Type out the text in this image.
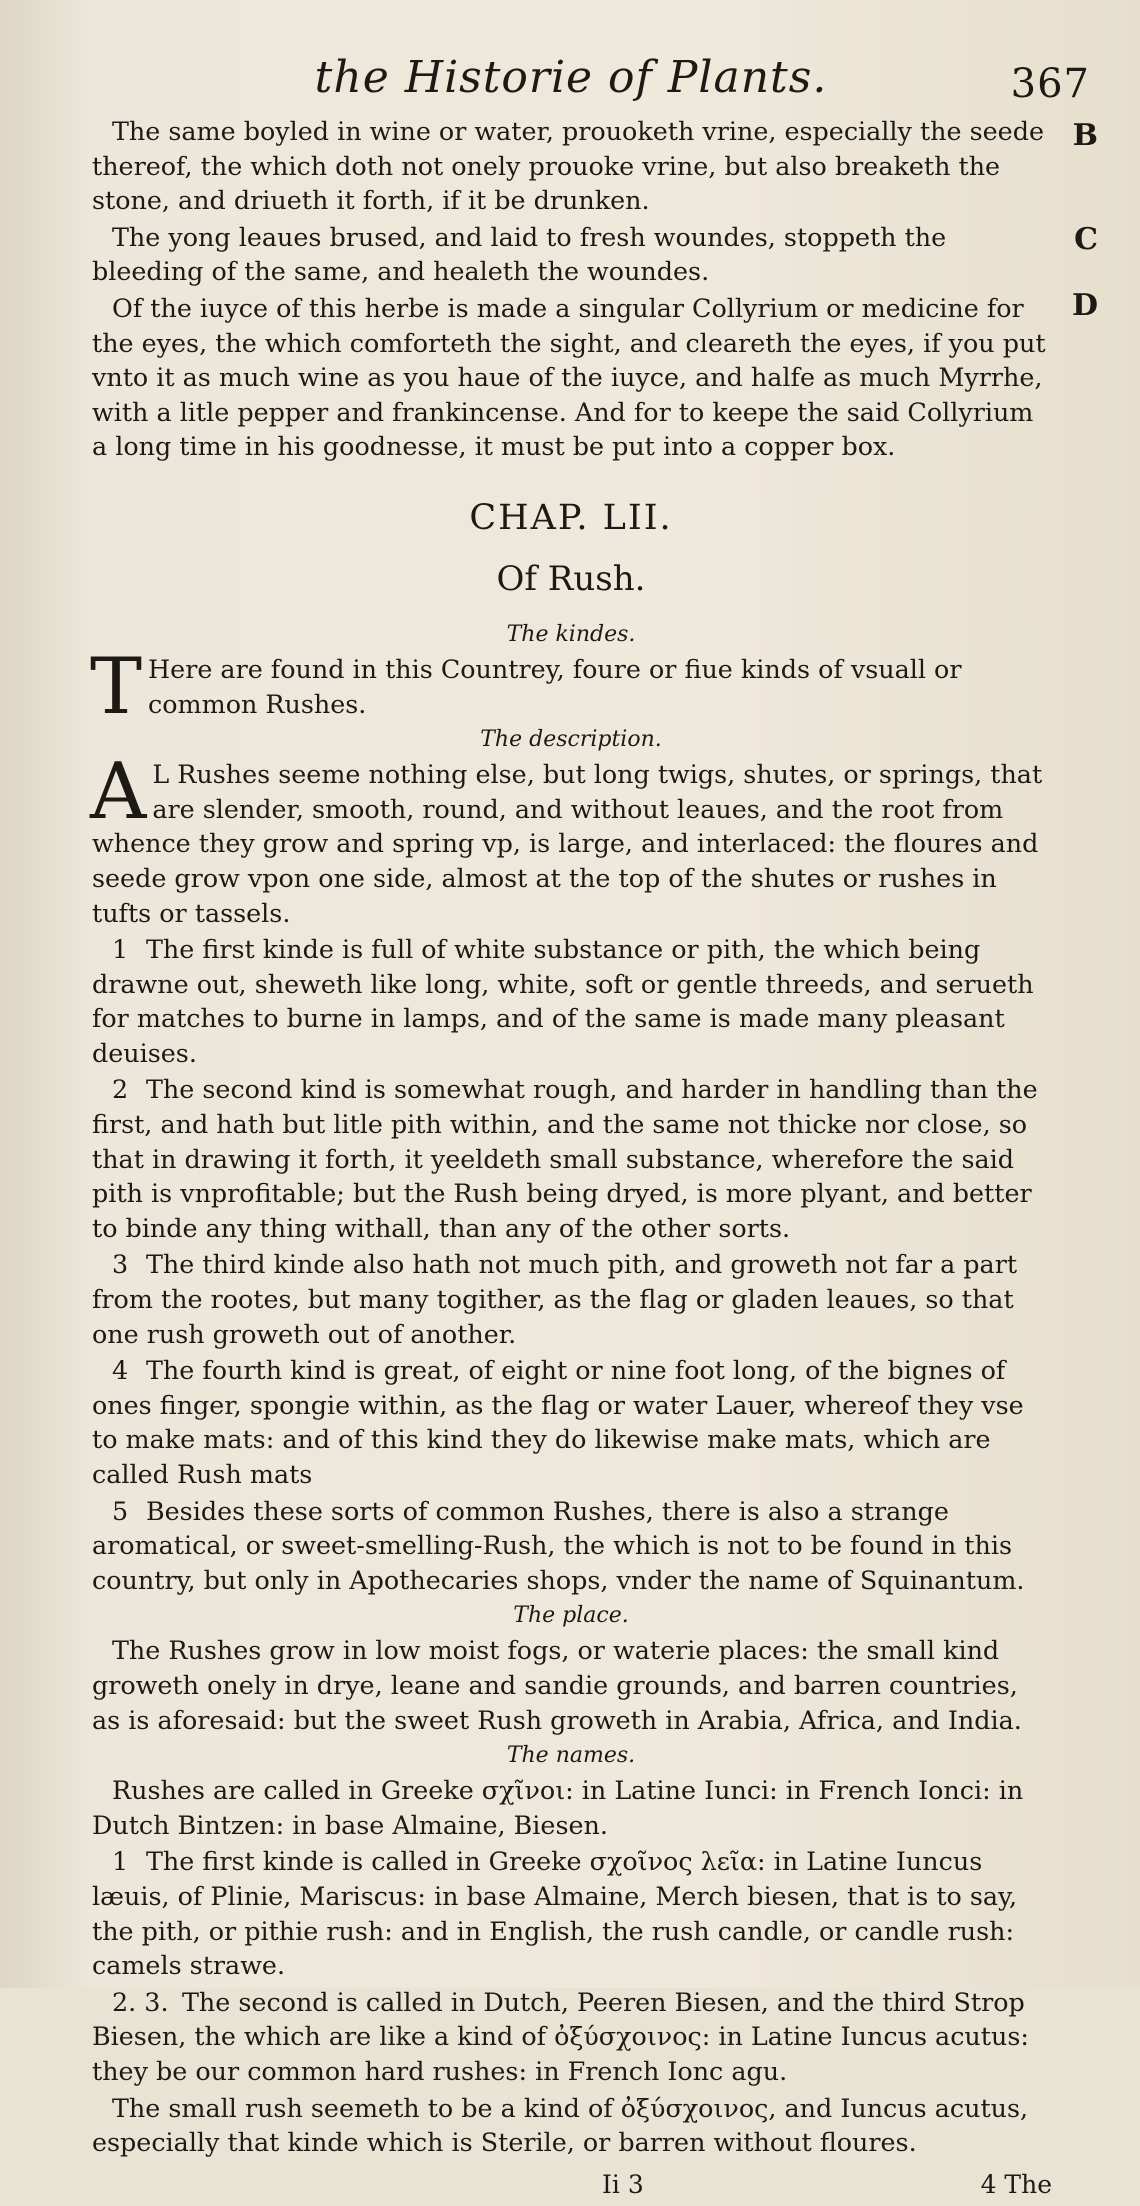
the Historie of Plants.	367
B
C
D

The same boyled in wine or water, prouoketh vrine, especially the seede thereof, the which doth not onely prouoke vrine, but also breaketh the stone, and driueth it forth, if it be drunken.

The yong leaues brused, and laid to fresh woundes, stoppeth the bleeding of the same, and healeth the woundes.

Of the iuyce of this herbe is made a singular Collyrium or medicine for the eyes, the which comforteth the sight, and cleareth the eyes, if you put vnto it as much wine as you haue of the iuyce, and halfe as much Myrrhe, with a litle pepper and frankincense. And for to keepe the said Collyrium a long time in his goodnesse, it must be put into a copper box.

CHAP. LII.
Of Rush.
The kindes.

T Here are found in this Countrey, foure or fiue kinds of vsuall or common Rushes.

The description.

A L Rushes seeme nothing else, but long twigs, shutes, or springs, that are slender, smooth, round, and without leaues, and the root from whence they grow and spring vp, is large, and interlaced: the floures and seede grow vpon one side, almost at the top of the shutes or rushes in tufts or tassels.

1 The first kinde is full of white substance or pith, the which being drawne out, sheweth like long, white, soft or gentle threeds, and serueth for matches to burne in lamps, and of the same is made many pleasant deuises.

2 The second kind is somewhat rough, and harder in handling than the first, and hath but litle pith within, and the same not thicke nor close, so that in drawing it forth, it yeeldeth small substance, wherefore the said pith is vnprofitable; but the Rush being dryed, is more plyant, and better to binde any thing withall, than any of the other sorts.

3 The third kinde also hath not much pith, and groweth not far a part from the rootes, but many togither, as the flag or gladen leaues, so that one rush groweth out of another.

4 The fourth kind is great, of eight or nine foot long, of the bignes of ones finger, spongie within, as the flag or water Lauer, whereof they vse to make mats: and of this kind they do likewise make mats, which are called Rush mats

5 Besides these sorts of common Rushes, there is also a strange aromatical, or sweet-smelling-Rush, the which is not to be found in this country, but only in Apothecaries shops, vnder the name of Squinantum.

The place.

The Rushes grow in low moist fogs, or waterie places: the small kind groweth onely in drye, leane and sandie grounds, and barren countries, as is aforesaid: but the sweet Rush groweth in Arabia, Africa, and India.

The names.

Rushes are called in Greeke σχῖνοι: in Latine Iunci: in French Ionci: in Dutch Bintzen: in base Almaine, Biesen.

1 The first kinde is called in Greeke σχοῖνος λεῖα: in Latine Iuncus læuis, of Plinie, Mariscus: in base Almaine, Merch biesen, that is to say, the pith, or pithie rush: and in English, the rush candle, or candle rush: camels strawe.

2. 3. The second is called in Dutch, Peeren Biesen, and the third Strop Biesen, the which are like a kind of ὀξύσχοινος: in Latine Iuncus acutus: they be our common hard rushes: in French Ionc agu.

The small rush seemeth to be a kind of ὀξύσχοινος, and Iuncus acutus, especially that kinde which is Sterile, or barren without floures.

Ii 3	4 The
